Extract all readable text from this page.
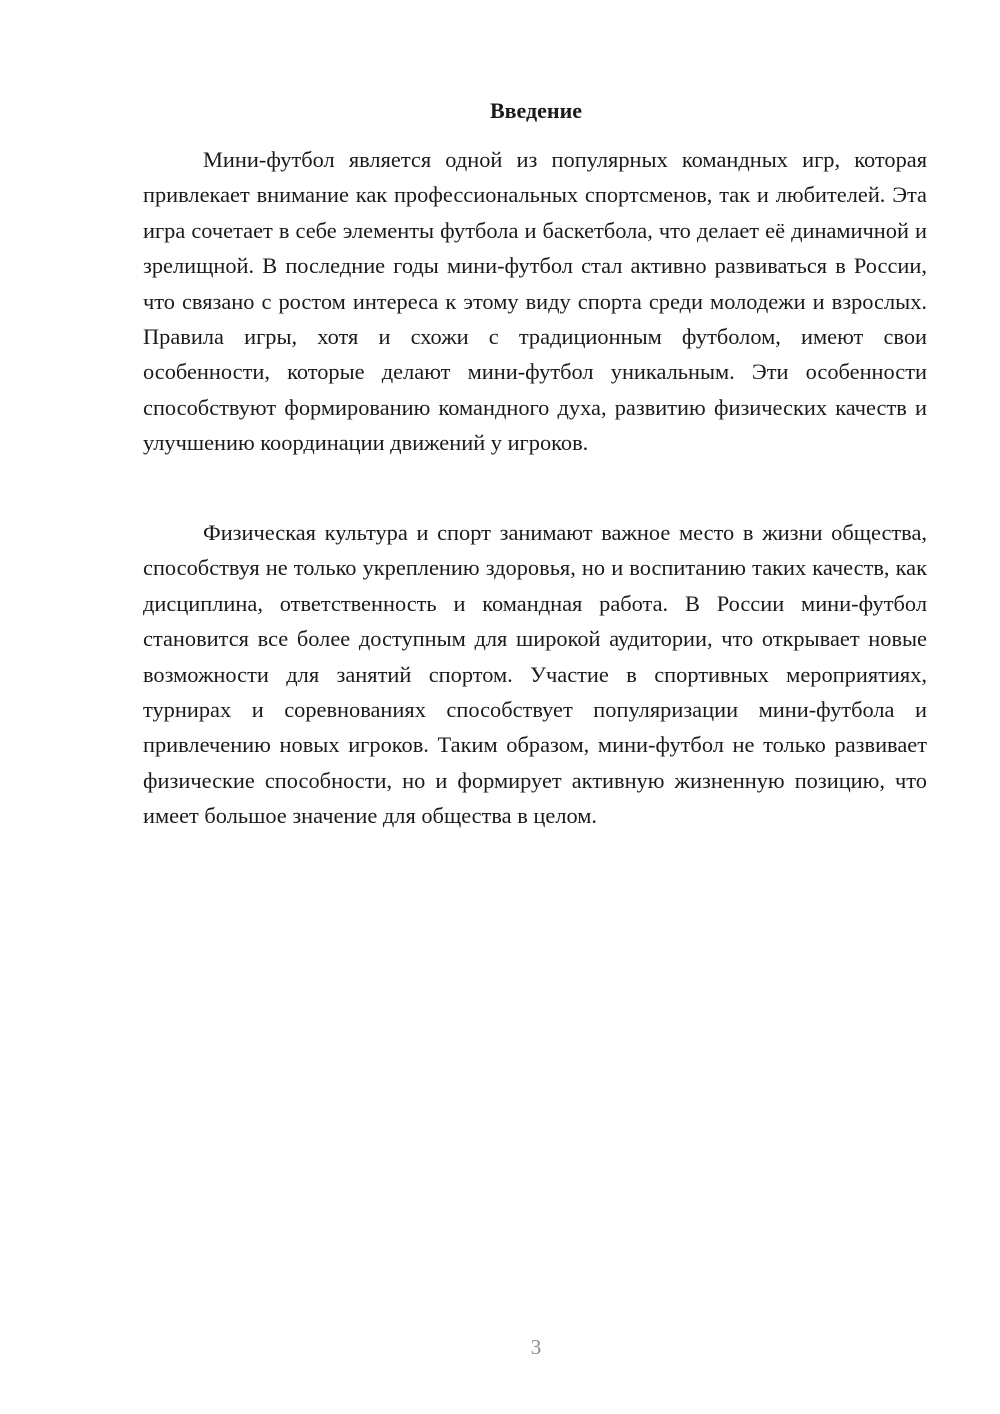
Введение

Мини-футбол является одной из популярных командных игр, которая привлекает внимание как профессиональных спортсменов, так и любителей. Эта игра сочетает в себе элементы футбола и баскетбола, что делает её динамичной и зрелищной. В последние годы мини-футбол стал активно развиваться в России, что связано с ростом интереса к этому виду спорта среди молодежи и взрослых. Правила игры, хотя и схожи с традиционным футболом, имеют свои особенности, которые делают мини-футбол уникальным. Эти особенности способствуют формированию командного духа, развитию физических качеств и улучшению координации движений у игроков.

Физическая культура и спорт занимают важное место в жизни общества, способствуя не только укреплению здоровья, но и воспитанию таких качеств, как дисциплина, ответственность и командная работа. В России мини-футбол становится все более доступным для широкой аудитории, что открывает новые возможности для занятий спортом. Участие в спортивных мероприятиях, турнирах и соревнованиях способствует популяризации мини-футбола и привлечению новых игроков. Таким образом, мини-футбол не только развивает физические способности, но и формирует активную жизненную позицию, что имеет большое значение для общества в целом.

3
